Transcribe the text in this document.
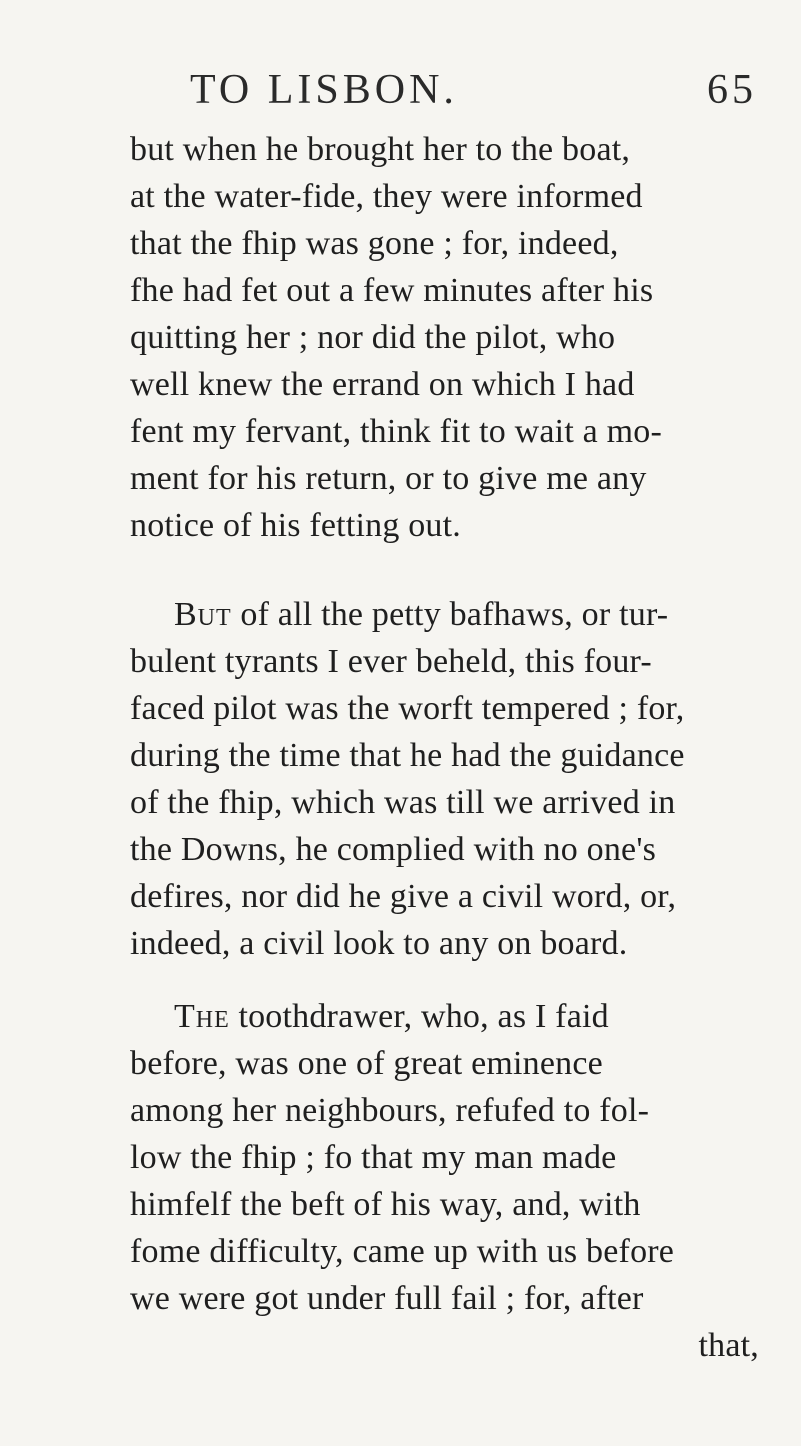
TO LISBON.	65
but when he brought her to the boat,
at the water-fide, they were informed
that the fhip was gone ; for, indeed,
fhe had fet out a few minutes after his
quitting her ; nor did the pilot, who
well knew the errand on which I had
fent my fervant, think fit to wait a mo-
ment for his return, or to give me any
notice of his fetting out.
But of all the petty bafhaws, or tur-
bulent tyrants I ever beheld, this four-
faced pilot was the worft tempered ; for,
during the time that he had the guidance
of the fhip, which was till we arrived in
the Downs, he complied with no one's
defires, nor did he give a civil word, or,
indeed, a civil look to any on board.
The toothdrawer, who, as I faid
before, was one of great eminence
among her neighbours, refufed to fol-
low the fhip ; fo that my man made
himfelf the beft of his way, and, with
fome difficulty, came up with us before
we were got under full fail ; for, after
that,
